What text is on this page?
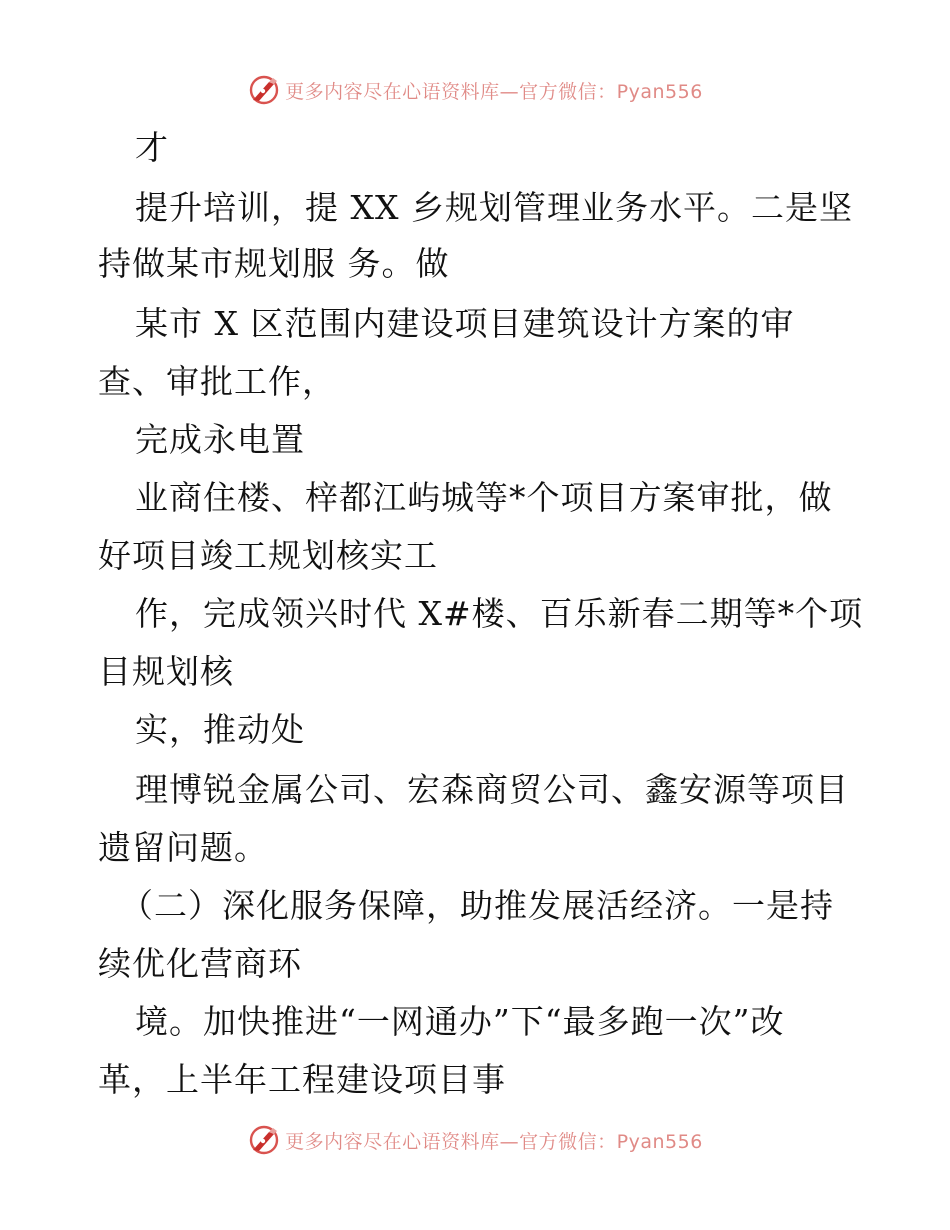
更多内容尽在心语资料库—官方微信：Pyan556
才
提升培训，提 XX 乡规划管理业务水平。二是坚
持做某市规划服 务。做
某市 X 区范围内建设项目建筑设计方案的审
查、审批工作，
完成永电置
业商住楼、梓都江屿城等*个项目方案审批，做
好项目竣工规划核实工
作，完成领兴时代 X#楼、百乐新春二期等*个项
目规划核
实，推动处
理博锐金属公司、宏森商贸公司、鑫安源等项目
遗留问题。
（二）深化服务保障，助推发展活经济。一是持
续优化营商环
境。加快推进“一网通办”下“最多跑一次”改
革，上半年工程建设项目事
更多内容尽在心语资料库—官方微信：Pyan556
